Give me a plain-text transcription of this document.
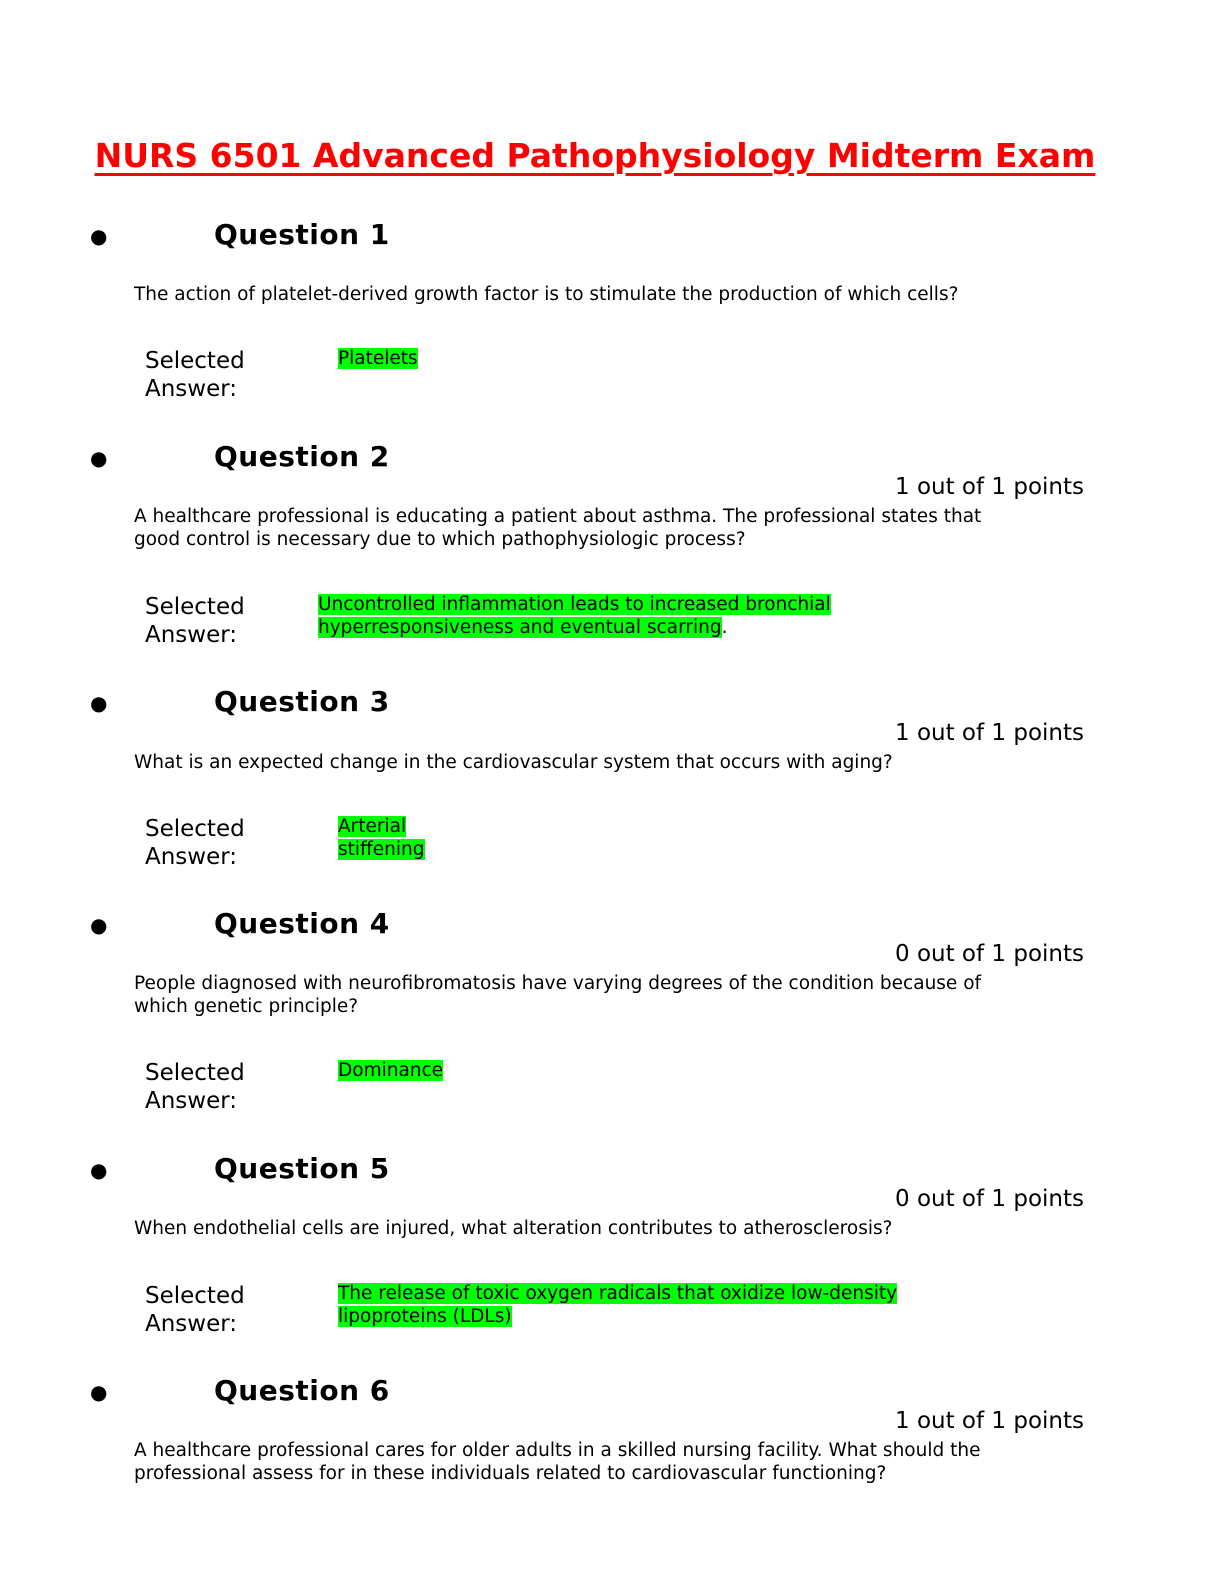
NURS 6501 Advanced Pathophysiology Midterm Exam
●	Question 1
The action of platelet-derived growth factor is to stimulate the production of which cells?
Selected
Answer:
Platelets
●	Question 2
1 out of 1 points
A healthcare professional is educating a patient about asthma. The professional states that good control is necessary due to which pathophysiologic process?
Selected
Answer:
Uncontrolled inflammation leads to increased bronchial hyperresponsiveness and eventual scarring.
●	Question 3
1 out of 1 points
What is an expected change in the cardiovascular system that occurs with aging?
Selected
Answer:
Arterial stiffening
●	Question 4
0 out of 1 points
People diagnosed with neurofibromatosis have varying degrees of the condition because of which genetic principle?
Selected
Answer:
Dominance
●	Question 5
0 out of 1 points
When endothelial cells are injured, what alteration contributes to atherosclerosis?
Selected
Answer:
The release of toxic oxygen radicals that oxidize low-density lipoproteins (LDLs)
●	Question 6
1 out of 1 points
A healthcare professional cares for older adults in a skilled nursing facility. What should the professional assess for in these individuals related to cardiovascular functioning?
